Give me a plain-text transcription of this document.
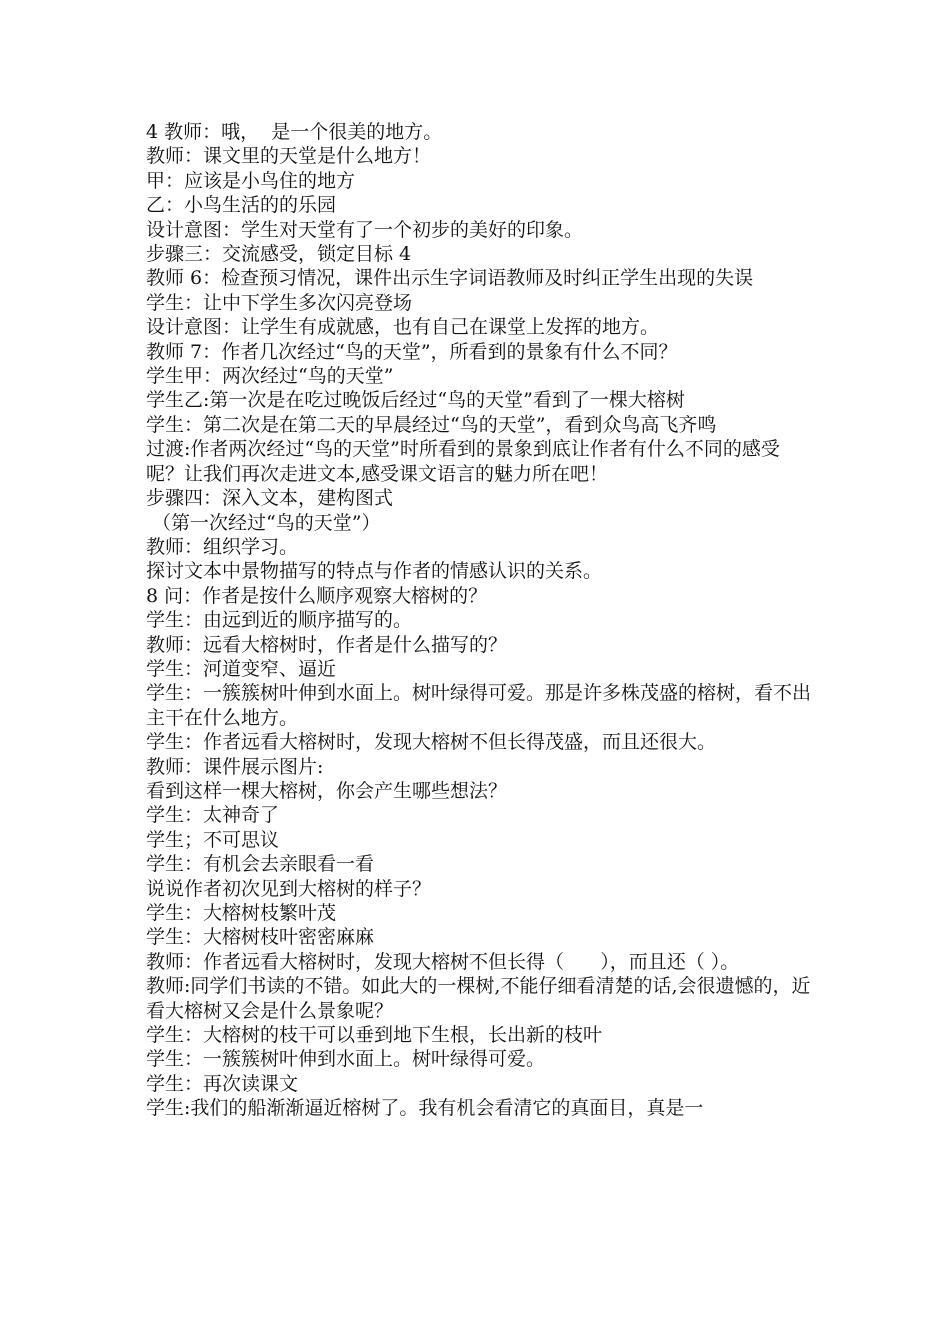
4 教师：哦，  是一个很美的地方。

教师：课文里的天堂是什么地方！

甲：应该是小鸟住的地方

乙：小鸟生活的的乐园

设计意图：学生对天堂有了一个初步的美好的印象。

步骤三：交流感受，锁定目标 4

教师 6：检查预习情况，课件出示生字词语教师及时纠正学生出现的失误

学生：让中下学生多次闪亮登场

设计意图：让学生有成就感，也有自己在课堂上发挥的地方。

教师 7：作者几次经过“鸟的天堂”，所看到的景象有什么不同？

学生甲：两次经过“鸟的天堂”

学生乙:第一次是在吃过晚饭后经过“鸟的天堂”看到了一棵大榕树

学生：第二次是在第二天的早晨经过“鸟的天堂”，看到众鸟高飞齐鸣

过渡:作者两次经过“鸟的天堂”时所看到的景象到底让作者有什么不同的感受呢？让我们再次走进文本,感受课文语言的魅力所在吧！

步骤四：深入文本，建构图式

（第一次经过“鸟的天堂”）

教师：组织学习。

探讨文本中景物描写的特点与作者的情感认识的关系。

8 问：作者是按什么顺序观察大榕树的？

学生：由远到近的顺序描写的。

教师：远看大榕树时，作者是什么描写的？

学生：河道变窄、逼近

学生：一簇簇树叶伸到水面上。树叶绿得可爱。那是许多株茂盛的榕树，看不出主干在什么地方。

学生：作者远看大榕树时，发现大榕树不但长得茂盛，而且还很大。

教师：课件展示图片:

看到这样一棵大榕树，你会产生哪些想法？

学生：太神奇了

学生；不可思议

学生：有机会去亲眼看一看

说说作者初次见到大榕树的样子？

学生：大榕树枝繁叶茂

学生：大榕树枝叶密密麻麻

教师：作者远看大榕树时，发现大榕树不但长得（      ），而且还（ ）。

教师:同学们书读的不错。如此大的一棵树,不能仔细看清楚的话,会很遗憾的，近看大榕树又会是什么景象呢？

学生：大榕树的枝干可以垂到地下生根，长出新的枝叶

学生：一簇簇树叶伸到水面上。树叶绿得可爱。

学生：再次读课文

学生:我们的船渐渐逼近榕树了。我有机会看清它的真面目，真是一
